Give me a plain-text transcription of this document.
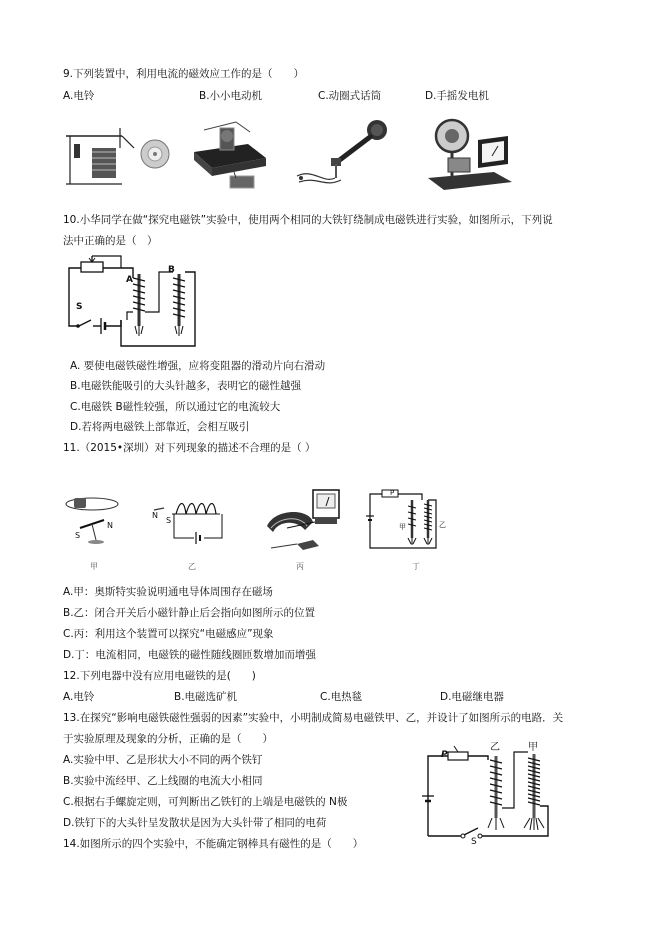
9.下列装置中，利用电流的磁效应工作的是（　　）
A.电铃	B.小小电动机	C.动圈式话筒	D.手摇发电机
10.小华同学在做“探究电磁铁”实验中，使用两个相同的大铁钉绕制成电磁铁进行实验，如图所示，下列说
法中正确的是（　）
A
B
S
A. 要使电磁铁磁性增强，应将变阻器的滑动片向右滑动
B.电磁铁能吸引的大头针越多，表明它的磁性越强
C.电磁铁 B磁性较强，所以通过它的电流较大
D.若将两电磁铁上部靠近，会相互吸引
11.（2015•深圳）对下列现象的描述不合理的是（ ）
S
N
甲
N
S
乙	丙
P
甲	乙
丁
A.甲：奥斯特实验说明通电导体周围存在磁场
B.乙：闭合开关后小磁针静止后会指向如图所示的位置
C.丙：利用这个装置可以探究“电磁感应”现象
D.丁：电流相同，电磁铁的磁性随线圈匝数增加而增强
12.下列电器中没有应用电磁铁的是(　　)
A.电铃	B.电磁选矿机	C.电热毯	D.电磁继电器
13.在探究“影响电磁铁磁性强弱的因素”实验中，小明制成简易电磁铁甲、乙，并设计了如图所示的电路．关
于实验原理及现象的分析，正确的是（　　）
A.实验中甲、乙是形状大小不同的两个铁钉
B.实验中流经甲、乙上线圈的电流大小相同
C.根据右手螺旋定则，可判断出乙铁钉的上端是电磁铁的 N极
D.铁钉下的大头针呈发散状是因为大头针带了相同的电荷
P
乙	甲
S
14.如图所示的四个实验中，不能确定钢棒具有磁性的是（　　）
